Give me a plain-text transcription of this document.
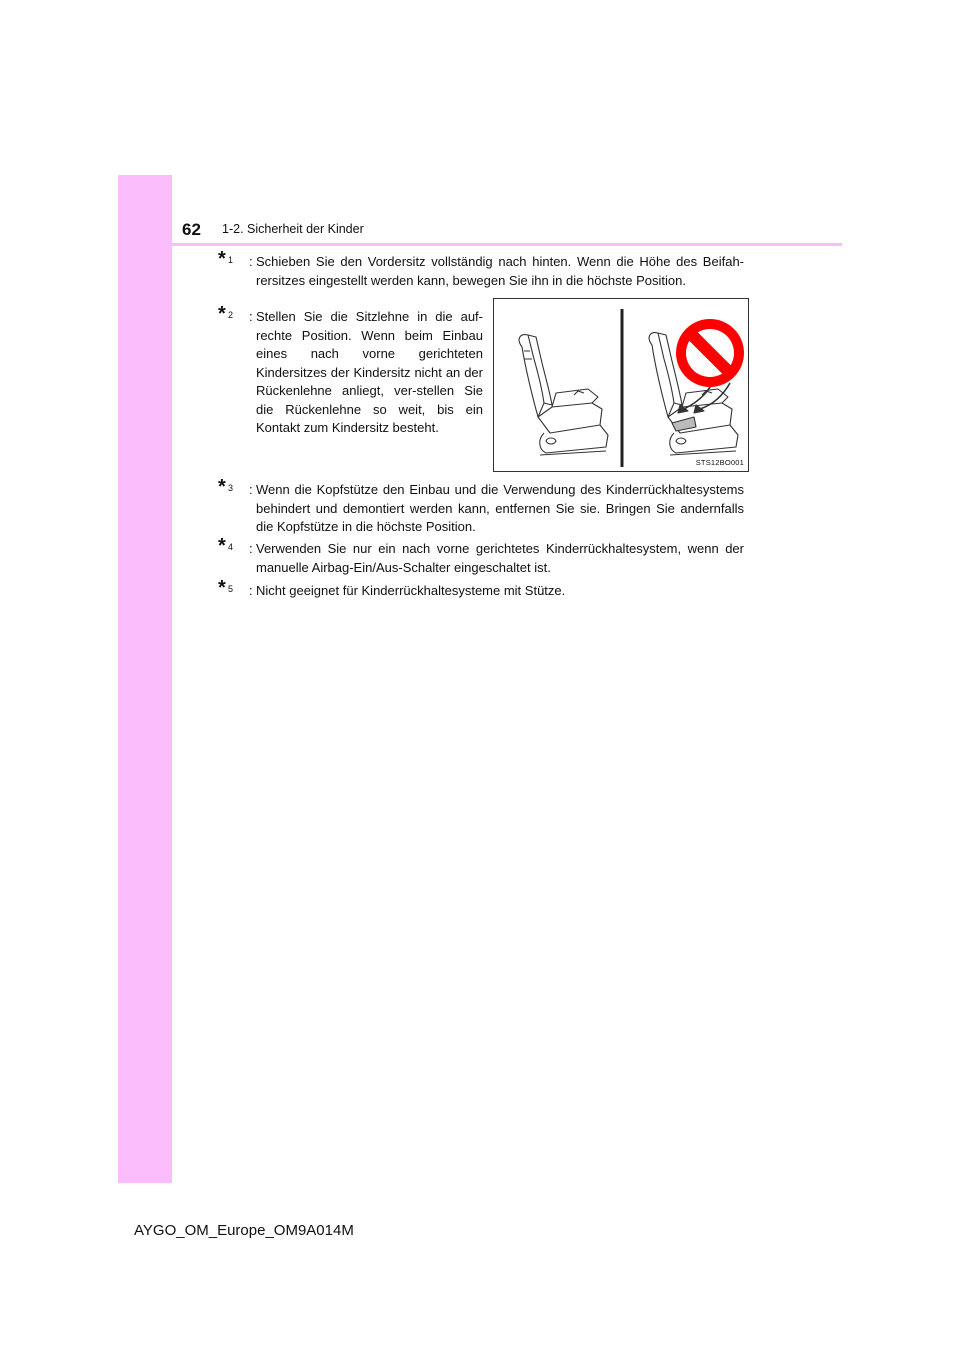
62 1-2. Sicherheit der Kinder
* 1 : Schieben Sie den Vordersitz vollständig nach hinten. Wenn die Höhe des Beifah-rersitzes eingestellt werden kann, bewegen Sie ihn in die höchste Position.
* 2 : Stellen Sie die Sitzlehne in die auf-rechte Position. Wenn beim Einbau eines nach vorne gerichteten Kindersitzes der Kindersitz nicht an der Rückenlehne anliegt, ver-stellen Sie die Rückenlehne so weit, bis ein Kontakt zum Kindersitz besteht.
STS12BO001
* 3 : Wenn die Kopfstütze den Einbau und die Verwendung des Kinderrückhaltesystems behindert und demontiert werden kann, entfernen Sie sie. Bringen Sie andernfalls die Kopfstütze in die höchste Position.
* 4 : Verwenden Sie nur ein nach vorne gerichtetes Kinderrückhaltesystem, wenn der manuelle Airbag-Ein/Aus-Schalter eingeschaltet ist.
* 5 : Nicht geeignet für Kinderrückhaltesysteme mit Stütze.
AYGO_OM_Europe_OM9A014M
